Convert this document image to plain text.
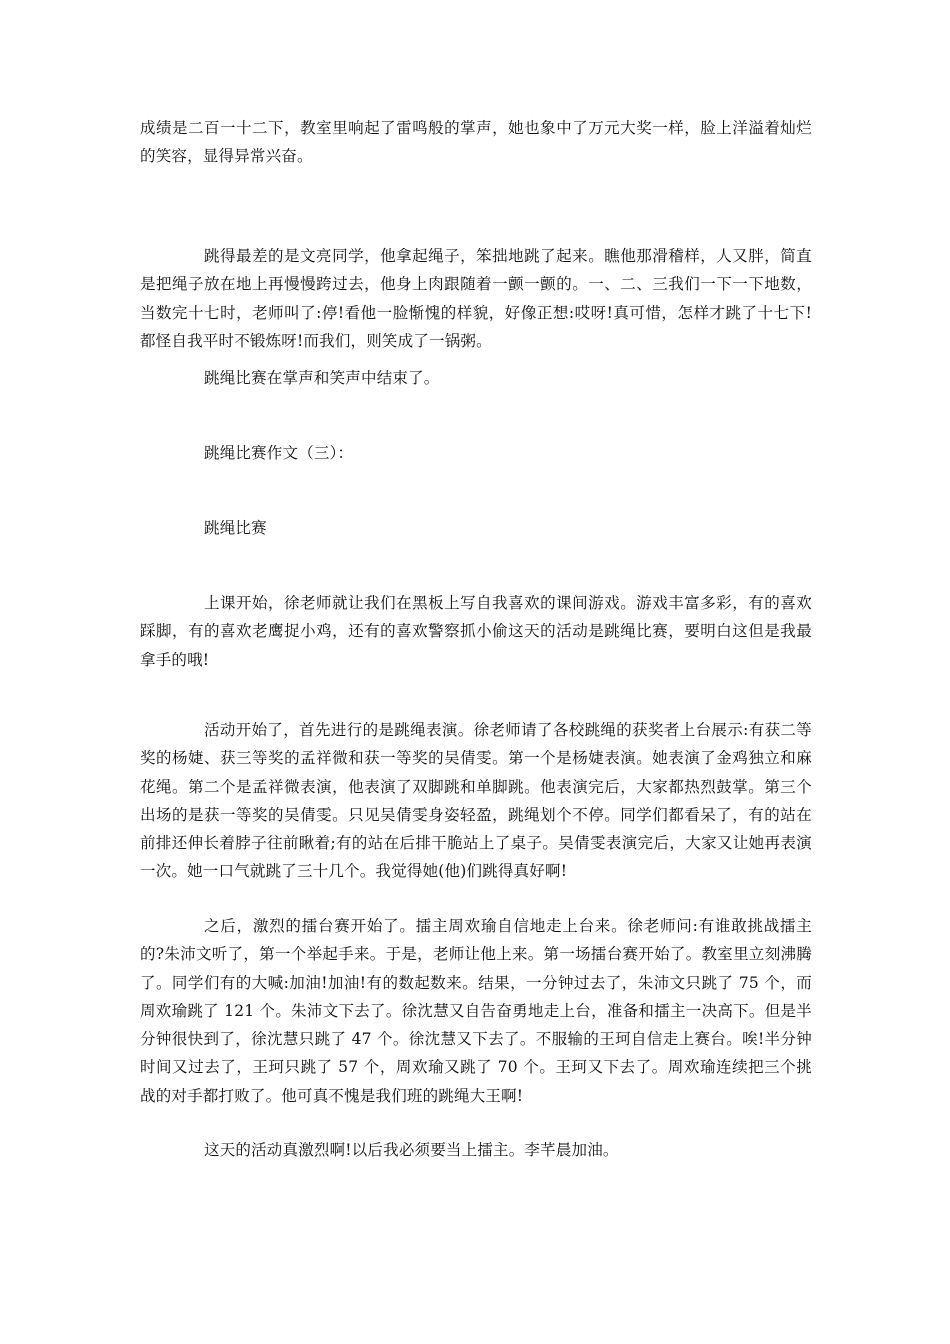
成绩是二百一十二下，教室里响起了雷鸣般的掌声，她也象中了万元大奖一样，脸上洋溢着灿烂的笑容，显得异常兴奋。

跳得最差的是文亮同学，他拿起绳子，笨拙地跳了起来。瞧他那滑稽样，人又胖，简直是把绳子放在地上再慢慢跨过去，他身上肉跟随着一颤一颤的。一、二、三我们一下一下地数，当数完十七时，老师叫了:停!看他一脸惭愧的样貌，好像正想:哎呀!真可惜，怎样才跳了十七下!都怪自我平时不锻炼呀!而我们，则笑成了一锅粥。

跳绳比赛在掌声和笑声中结束了。

跳绳比赛作文（三）：

跳绳比赛

上课开始，徐老师就让我们在黑板上写自我喜欢的课间游戏。游戏丰富多彩，有的喜欢踩脚，有的喜欢老鹰捉小鸡，还有的喜欢警察抓小偷这天的活动是跳绳比赛，要明白这但是我最拿手的哦!

活动开始了，首先进行的是跳绳表演。徐老师请了各校跳绳的获奖者上台展示:有获二等奖的杨婕、获三等奖的孟祥微和获一等奖的吴倩雯。第一个是杨婕表演。她表演了金鸡独立和麻花绳。第二个是孟祥微表演，他表演了双脚跳和单脚跳。他表演完后，大家都热烈鼓掌。第三个出场的是获一等奖的吴倩雯。只见吴倩雯身姿轻盈，跳绳划个不停。同学们都看呆了，有的站在前排还伸长着脖子往前瞅着;有的站在后排干脆站上了桌子。吴倩雯表演完后，大家又让她再表演一次。她一口气就跳了三十几个。我觉得她(他)们跳得真好啊!

之后，激烈的擂台赛开始了。擂主周欢瑜自信地走上台来。徐老师问:有谁敢挑战擂主的?朱沛文听了，第一个举起手来。于是，老师让他上来。第一场擂台赛开始了。教室里立刻沸腾了。同学们有的大喊:加油!加油!有的数起数来。结果，一分钟过去了，朱沛文只跳了 75 个，而周欢瑜跳了 121 个。朱沛文下去了。徐沈慧又自告奋勇地走上台，准备和擂主一决高下。但是半分钟很快到了，徐沈慧只跳了 47 个。徐沈慧又下去了。不服输的王珂自信走上赛台。唉!半分钟时间又过去了，王珂只跳了 57 个，周欢瑜又跳了 70 个。王珂又下去了。周欢瑜连续把三个挑战的对手都打败了。他可真不愧是我们班的跳绳大王啊!

这天的活动真激烈啊!以后我必须要当上擂主。李芊晨加油。
